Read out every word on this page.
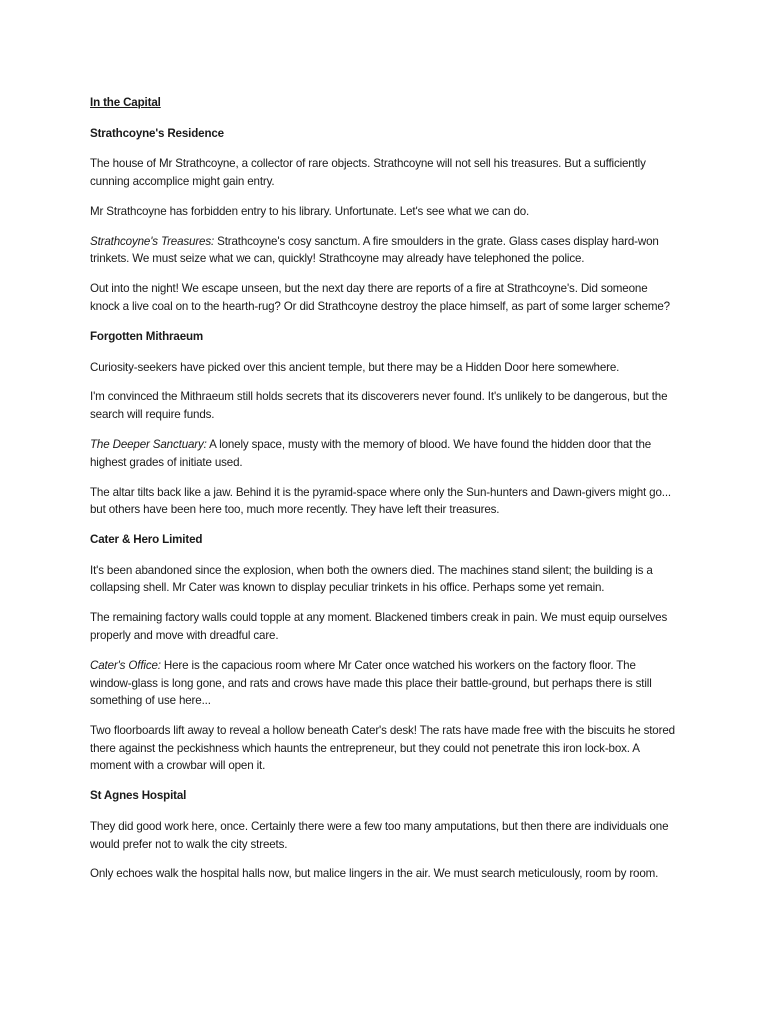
In the Capital

Strathcoyne's Residence

The house of Mr Strathcoyne, a collector of rare objects. Strathcoyne will not sell his treasures. But a sufficiently cunning accomplice might gain entry.

Mr Strathcoyne has forbidden entry to his library. Unfortunate. Let's see what we can do.

Strathcoyne's Treasures: Strathcoyne's cosy sanctum. A fire smoulders in the grate. Glass cases display hard-won trinkets. We must seize what we can, quickly! Strathcoyne may already have telephoned the police.

Out into the night! We escape unseen, but the next day there are reports of a fire at Strathcoyne's. Did someone knock a live coal on to the hearth-rug? Or did Strathcoyne destroy the place himself, as part of some larger scheme?

Forgotten Mithraeum

Curiosity-seekers have picked over this ancient temple, but there may be a Hidden Door here somewhere.

I'm convinced the Mithraeum still holds secrets that its discoverers never found. It's unlikely to be dangerous, but the search will require funds.

The Deeper Sanctuary: A lonely space, musty with the memory of blood. We have found the hidden door that the highest grades of initiate used.

The altar tilts back like a jaw. Behind it is the pyramid-space where only the Sun-hunters and Dawn-givers might go... but others have been here too, much more recently. They have left their treasures.

Cater & Hero Limited

It's been abandoned since the explosion, when both the owners died. The machines stand silent; the building is a collapsing shell. Mr Cater was known to display peculiar trinkets in his office. Perhaps some yet remain.

The remaining factory walls could topple at any moment. Blackened timbers creak in pain. We must equip ourselves properly and move with dreadful care.

Cater's Office: Here is the capacious room where Mr Cater once watched his workers on the factory floor. The window-glass is long gone, and rats and crows have made this place their battle-ground, but perhaps there is still something of use here...

Two floorboards lift away to reveal a hollow beneath Cater's desk! The rats have made free with the biscuits he stored there against the peckishness which haunts the entrepreneur, but they could not penetrate this iron lock-box. A moment with a crowbar will open it.

St Agnes Hospital

They did good work here, once. Certainly there were a few too many amputations, but then there are individuals one would prefer not to walk the city streets.

Only echoes walk the hospital halls now, but malice lingers in the air. We must search meticulously, room by room.
